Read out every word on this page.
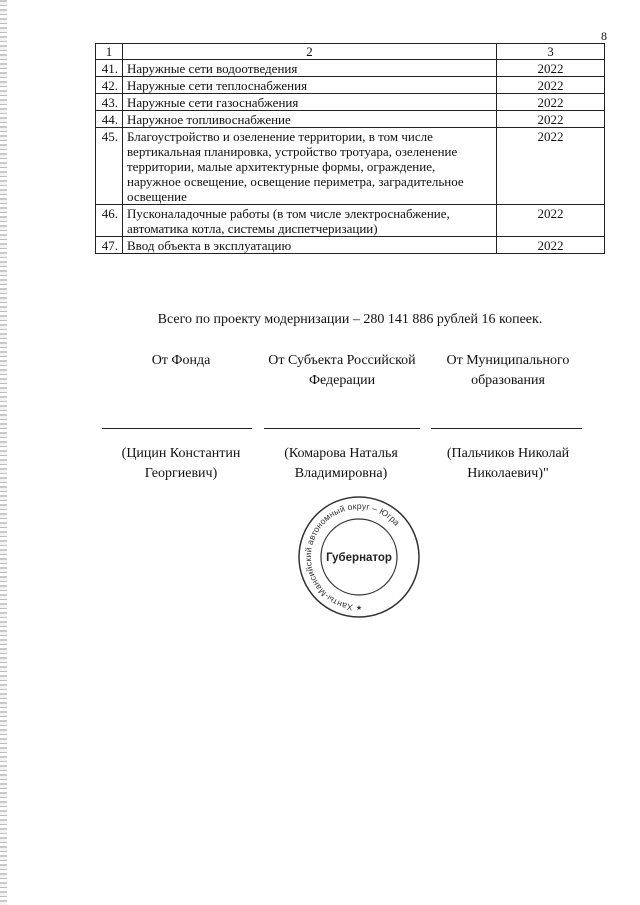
8
1	2	3
41.	Наружные сети водоотведения	2022
42.	Наружные сети теплоснабжения	2022
43.	Наружные сети газоснабжения	2022
44.	Наружное топливоснабжение	2022
45.	Благоустройство и озеленение территории, в том числе вертикальная планировка, устройство тротуара, озеленение территории, малые архитектурные формы, ограждение, наружное освещение, освещение периметра, заградительное освещение	2022
46.	Пусконаладочные работы (в том числе электроснабжение, автоматика котла, системы диспетчеризации)	2022
47.	Ввод объекта в эксплуатацию	2022
Всего по проекту модернизации – 280 141 886 рублей 16 копеек.
От Фонда	От Субъекта Российской Федерации
От Муниципального образования
(Цицин Константин Георгиевич)
(Комарова Наталья Владимировна)
(Пальчиков Николай Николаевич)"
Ханты-Мансийский автономный округ – Югра
Губернатор
★
